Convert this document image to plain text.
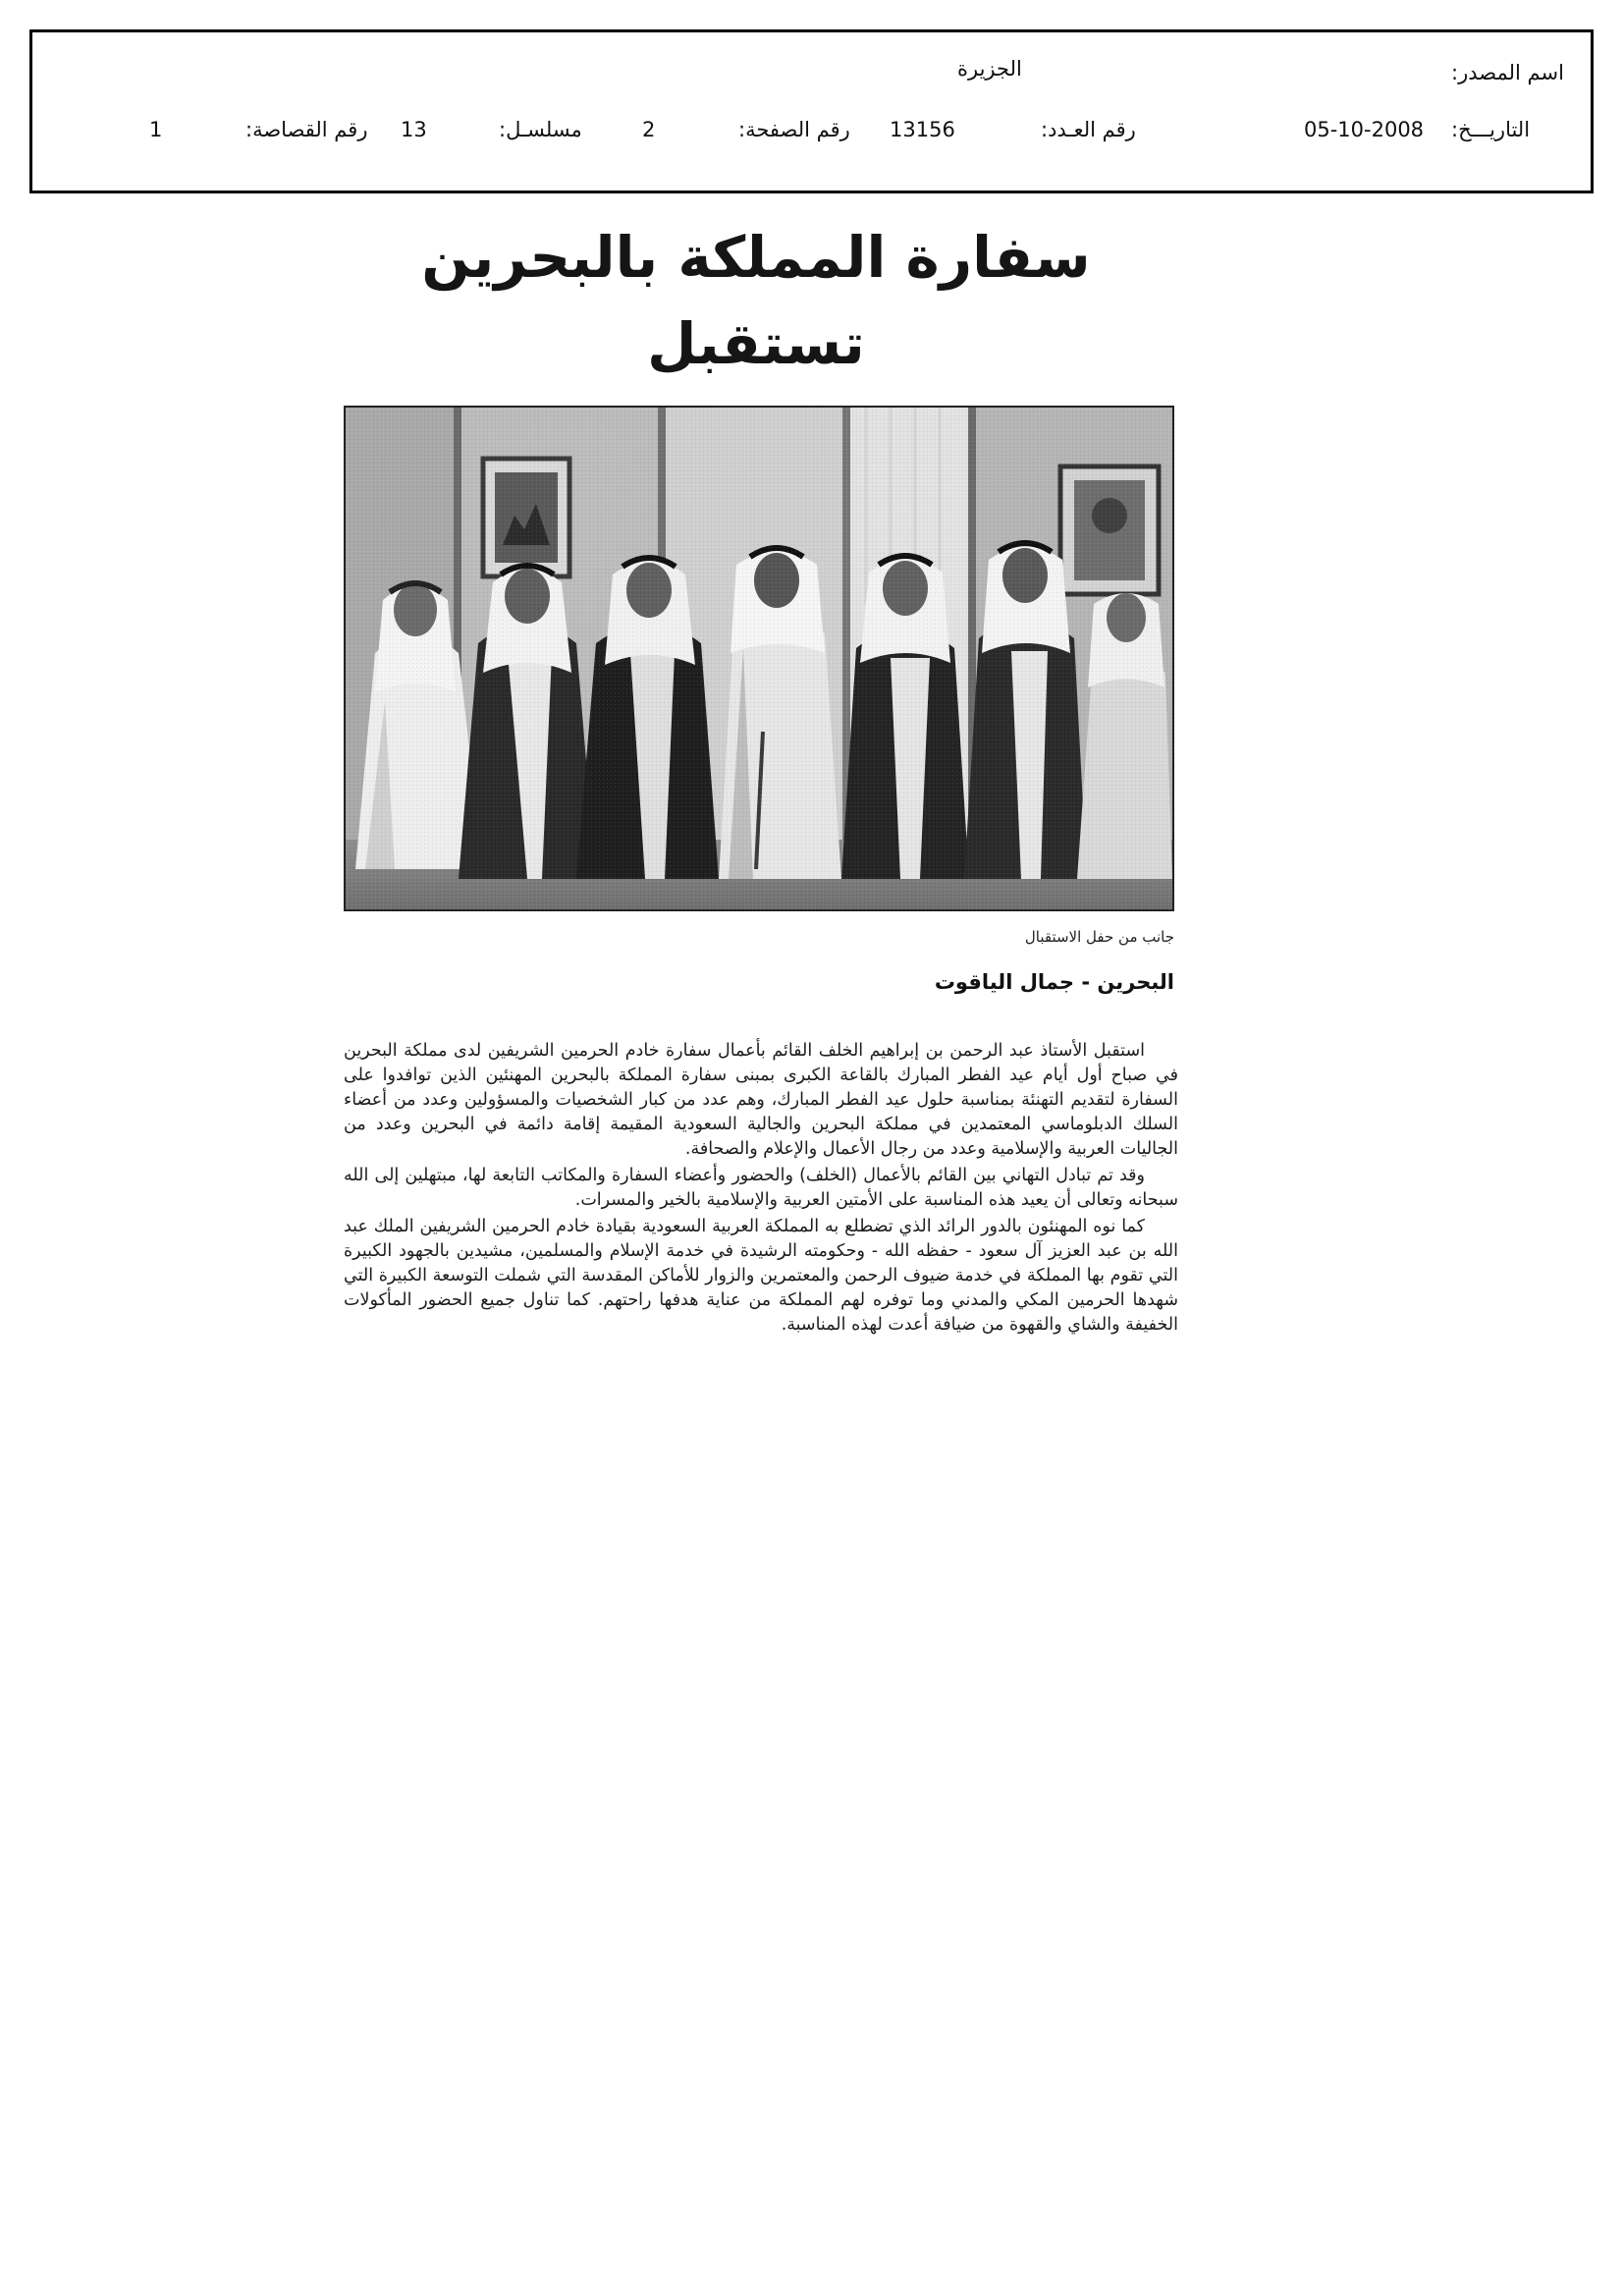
اسم المصدر:
الجزيرة
التاريـــخ:
05-10-2008
رقم العـدد:
13156
رقم الصفحة:
2
مسلسـل:
13
رقم القصاصة:
1
سفارة المملكة بالبحرين تستقبل
جانب من حفل الاستقبال
البحرين - جمال الياقوت

استقبل الأستاذ عبد الرحمن بن إبراهيم الخلف القائم بأعمال سفارة خادم الحرمين الشريفين لدى مملكة البحرين في صباح أول أيام عيد الفطر المبارك بالقاعة الكبرى بمبنى سفارة المملكة بالبحرين المهنئين الذين توافدوا على السفارة لتقديم التهنئة بمناسبة حلول عيد الفطر المبارك، وهم عدد من كبار الشخصيات والمسؤولين وعدد من أعضاء السلك الدبلوماسي المعتمدين في مملكة البحرين والجالية السعودية المقيمة إقامة دائمة في البحرين وعدد من الجاليات العربية والإسلامية وعدد من رجال الأعمال والإعلام والصحافة.

وقد تم تبادل التهاني بين القائم بالأعمال (الخلف) والحضور وأعضاء السفارة والمكاتب التابعة لها، مبتهلين إلى الله سبحانه وتعالى أن يعيد هذه المناسبة على الأمتين العربية والإسلامية بالخير والمسرات.

كما نوه المهنئون بالدور الرائد الذي تضطلع به المملكة العربية السعودية بقيادة خادم الحرمين الشريفين الملك عبد الله بن عبد العزيز آل سعود - حفظه الله - وحكومته الرشيدة في خدمة الإسلام والمسلمين، مشيدين بالجهود الكبيرة التي تقوم بها المملكة في خدمة ضيوف الرحمن والمعتمرين والزوار للأماكن المقدسة التي شملت التوسعة الكبيرة التي شهدها الحرمين المكي والمدني وما توفره لهم المملكة من عناية هدفها راحتهم. كما تناول جميع الحضور المأكولات الخفيفة والشاي والقهوة من ضيافة أعدت لهذه المناسبة.
